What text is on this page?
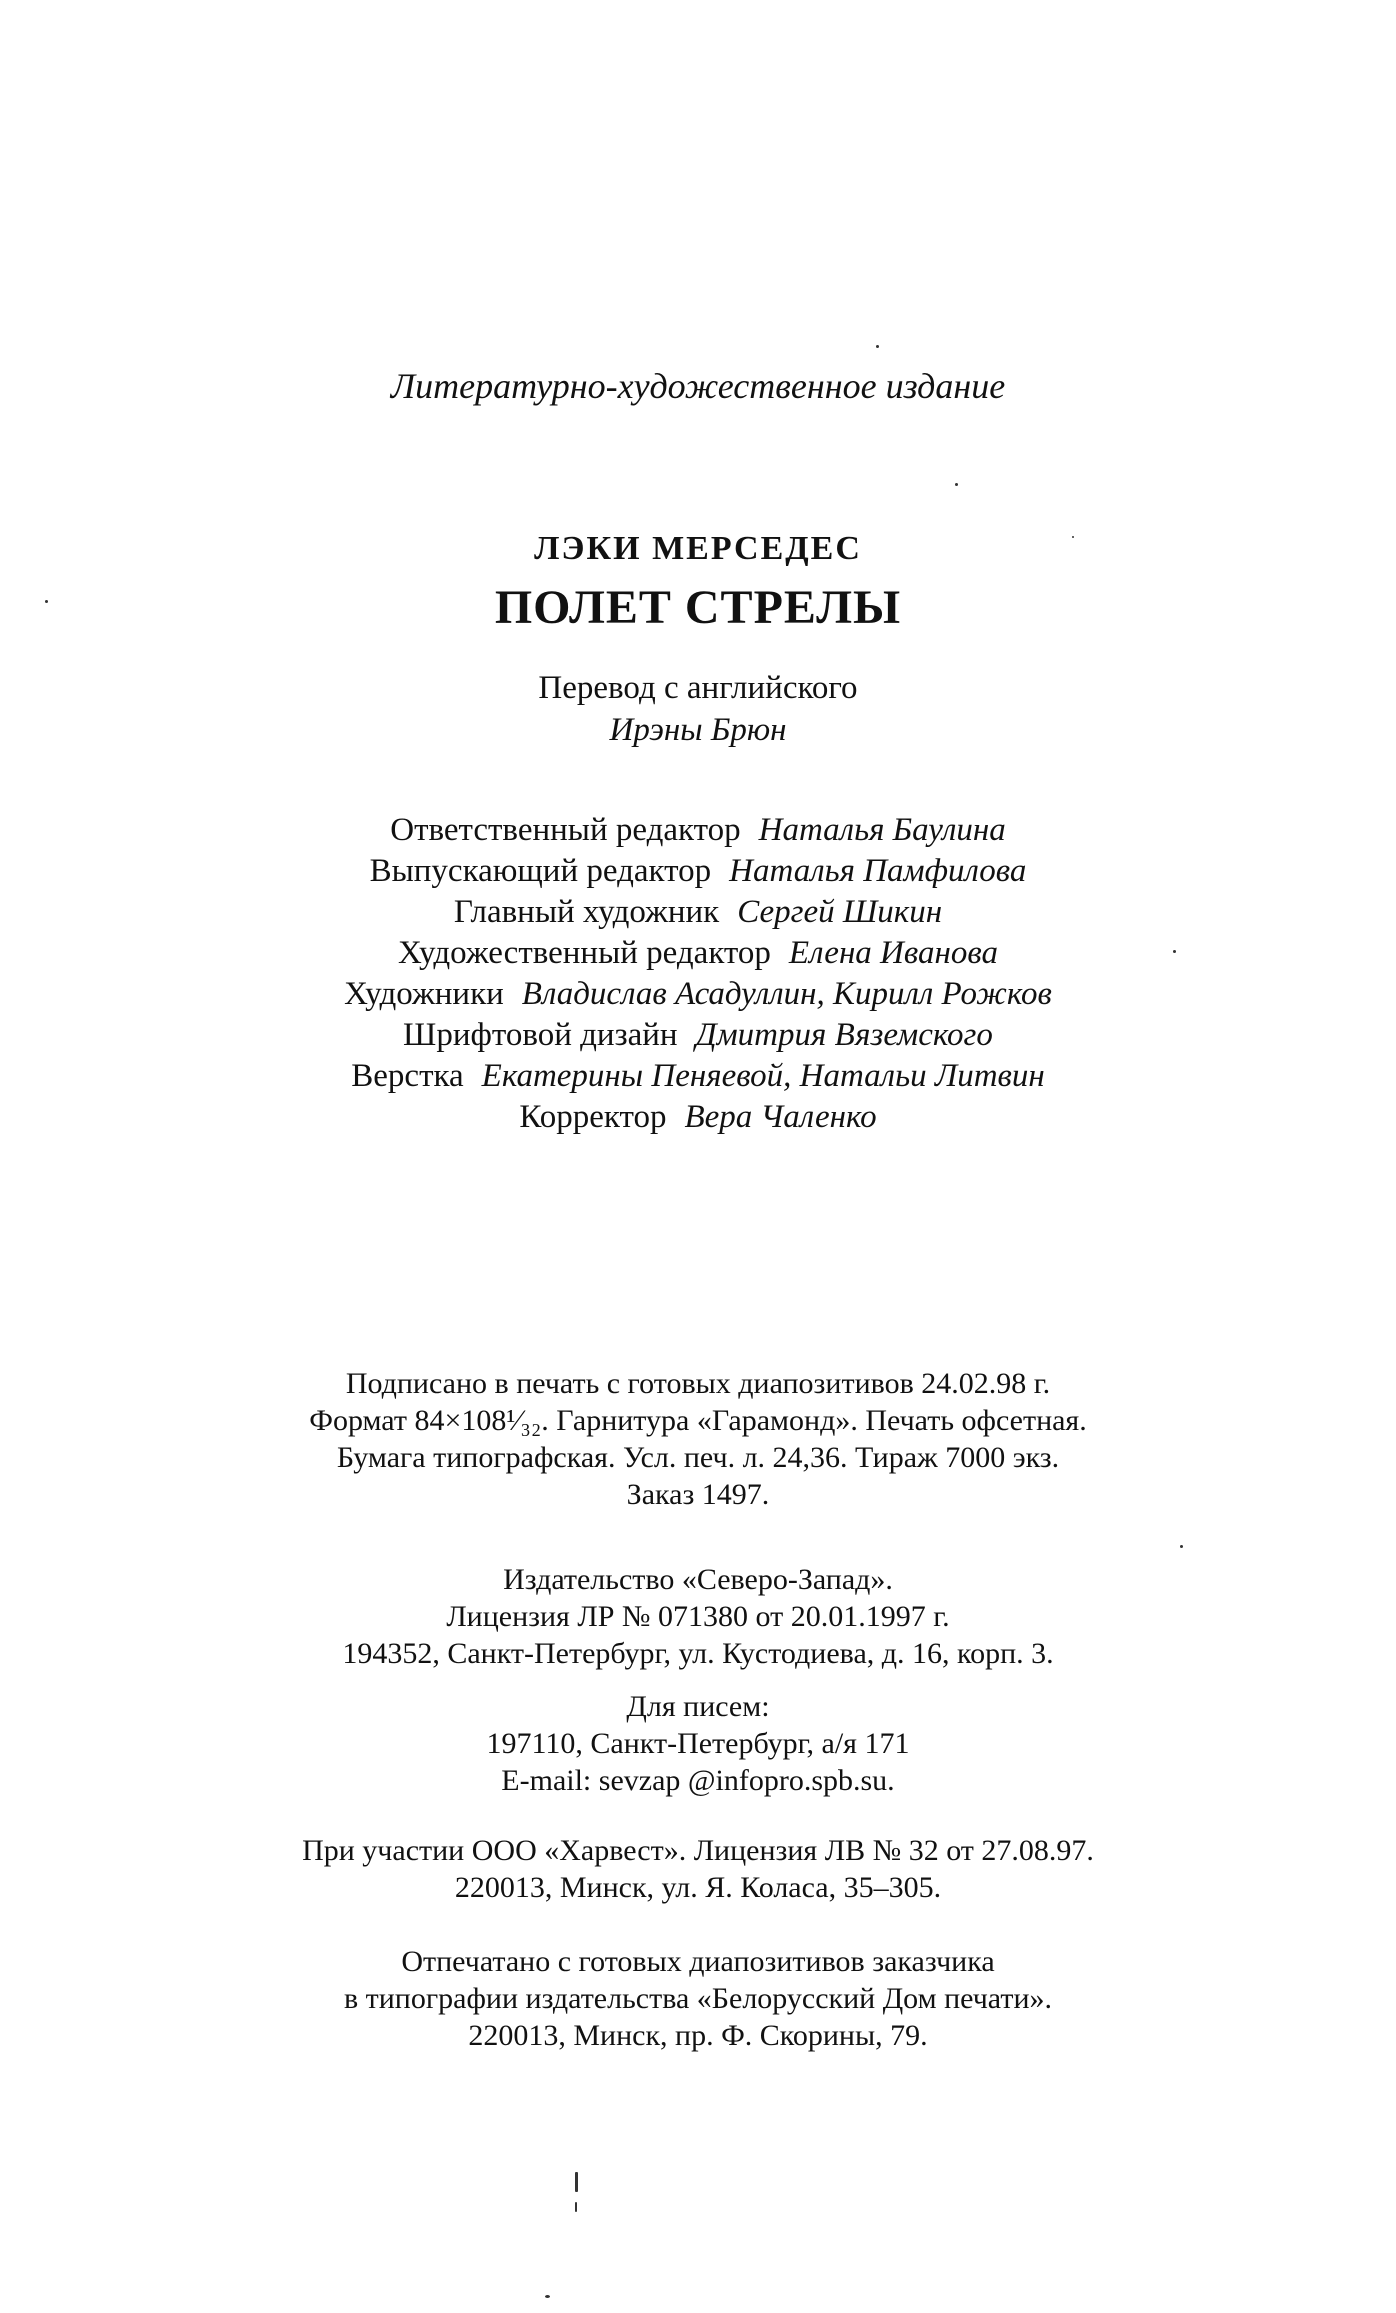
Литературно-художественное издание
ЛЭКИ МЕРСЕДЕС
ПОЛЕТ СТРЕЛЫ
Перевод с английского
Ирэны Брюн
Ответственный редактор Наталья Баулина
Выпускающий редактор Наталья Памфилова
Главный художник Сергей Шикин
Художественный редактор Елена Иванова
Художники Владислав Асадуллин, Кирилл Рожков
Шрифтовой дизайн Дмитрия Вяземского
Верстка Екатерины Пеняевой, Натальи Литвин
Корректор Вера Чаленко
Подписано в печать с готовых диапозитивов 24.02.98 г.
Формат 84×108¹⁄₃₂. Гарнитура «Гарамонд». Печать офсетная.
Бумага типографская. Усл. печ. л. 24,36. Тираж 7000 экз.
Заказ 1497.
Издательство «Северо-Запад».
Лицензия ЛР № 071380 от 20.01.1997 г.
194352, Санкт-Петербург, ул. Кустодиева, д. 16, корп. 3.
Для писем:
197110, Санкт-Петербург, а/я 171
E-mail: sevzap @infopro.spb.su.
При участии ООО «Харвест». Лицензия ЛВ № 32 от 27.08.97.
220013, Минск, ул. Я. Коласа, 35–305.
Отпечатано с готовых диапозитивов заказчика
в типографии издательства «Белорусский Дом печати».
220013, Минск, пр. Ф. Скорины, 79.
